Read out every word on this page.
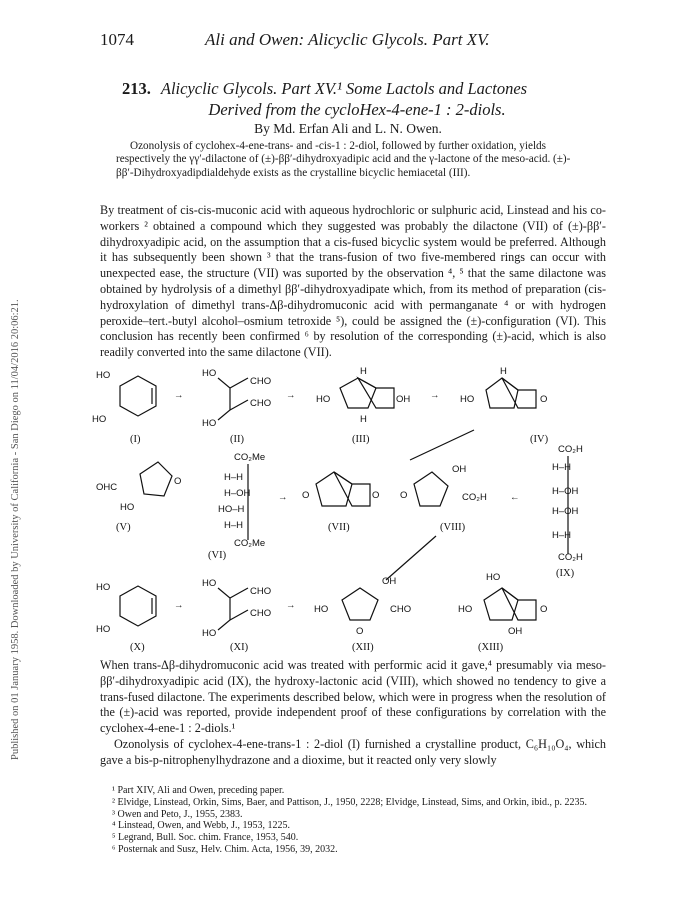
Published on 01 January 1958. Downloaded by University of California - San Diego on 11/04/2016 20:06:21.
1074	Ali and Owen: Alicyclic Glycols. Part XV.
213. Alicyclic Glycols. Part XV.¹ Some Lactols and Lactones
Derived from the cycloHex-4-ene-1 : 2-diols.
By Md. Erfan Ali and L. N. Owen.

Ozonolysis of cyclohex-4-ene-trans- and -cis-1 : 2-diol, followed by further oxidation, yields respectively the γγ′-dilactone of (±)-ββ′-dihydroxyadipic acid and the γ-lactone of the meso-acid. (±)-ββ′-Dihydroxyadipdialdehyde exists as the crystalline bicyclic hemiacetal (III).

By treatment of cis-cis-muconic acid with aqueous hydrochloric or sulphuric acid, Linstead and his co-workers ² obtained a compound which they suggested was probably the dilactone (VII) of (±)-ββ′-dihydroxyadipic acid, on the assumption that a cis-fused bicyclic system would be preferred. Although it has subsequently been shown ³ that the trans-fusion of two five-membered rings can occur with unexpected ease, the structure (VII) was suported by the observation ⁴, ⁵ that the same dilactone was obtained by hydrolysis of a dimethyl ββ′-dihydroxyadipate which, from its method of preparation (cis-hydroxylation of dimethyl trans-Δβ-dihydromuconic acid with permanganate ⁴ or with hydrogen peroxide–tert.-butyl alcohol–osmium tetroxide ⁵), could be assigned the (±)-configuration (VI). This conclusion has recently been confirmed ⁶ by resolution of the corresponding (±)-acid, which is also readily converted into the same dilactone (VII).

HO
HO
(I)
→
HO
CHO
CHO
HO
(II)
→ HO	OH
H
H
(III)
→ HO	O
H
(IV)
OHC
HO
O
(V)
CO₂Me
H–H
H–OH
HO–H
H–H
CO₂Me
(VI)
→ O	O
(VII)
O
OH
CO₂H
(VIII)
←
CO₂H
H–H
H–OH
H–OH
H–H
CO₂H
(IX)
HO
HO
(X)
→
HO
CHO
CHO
HO
(XI)
→ HO
OH
CHO
O
(XII)
HO
HO
O
OH
(XIII)

When trans-Δβ-dihydromuconic acid was treated with performic acid it gave,⁴ presumably via meso-ββ′-dihydroxyadipic acid (IX), the hydroxy-lactonic acid (VIII), which showed no tendency to give a trans-fused dilactone. The experiments described below, which were in progress when the resolution of the (±)-acid was reported, provide independent proof of these configurations by correlation with the cyclohex-4-ene-1 : 2-diols.¹

Ozonolysis of cyclohex-4-ene-trans-1 : 2-diol (I) furnished a crystalline product, C₆H₁₀O₄, which gave a bis-p-nitrophenylhydrazone and a dioxime, but it reacted only very slowly

¹ Part XIV, Ali and Owen, preceding paper.
² Elvidge, Linstead, Orkin, Sims, Baer, and Pattison, J., 1950, 2228; Elvidge, Linstead, Sims, and Orkin, ibid., p. 2235.
³ Owen and Peto, J., 1955, 2383.
⁴ Linstead, Owen, and Webb, J., 1953, 1225.
⁵ Legrand, Bull. Soc. chim. France, 1953, 540.
⁶ Posternak and Susz, Helv. Chim. Acta, 1956, 39, 2032.
